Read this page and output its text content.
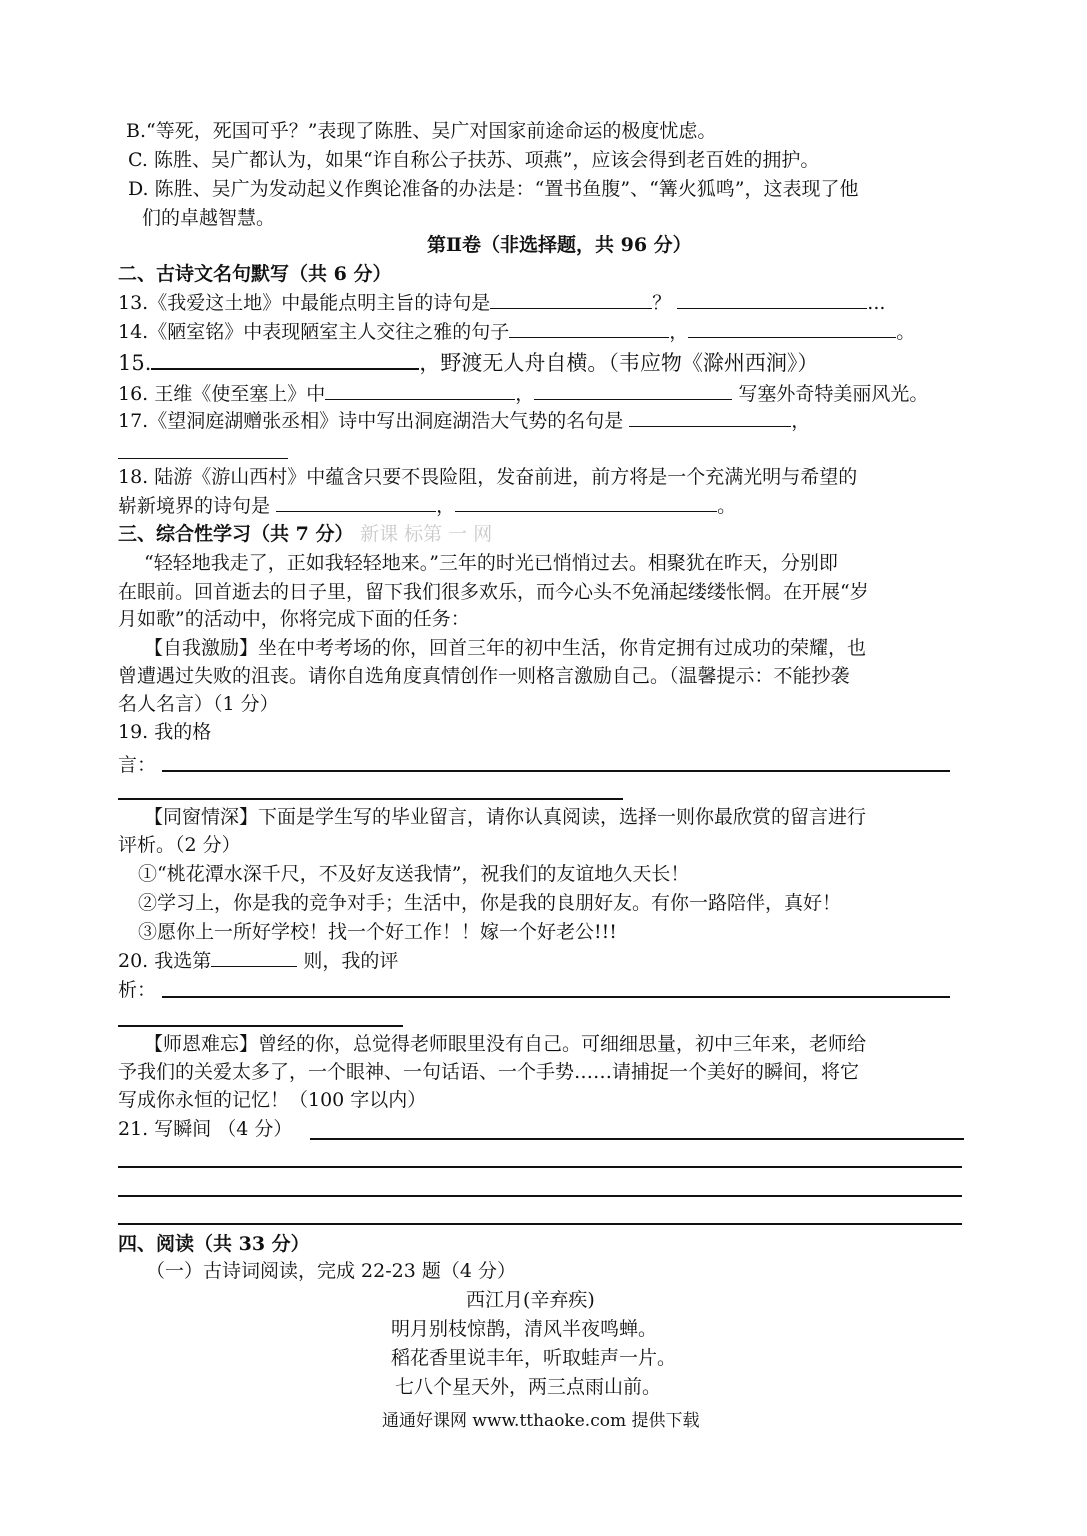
B.“等死，死国可乎？”表现了陈胜、吴广对国家前途命运的极度忧虑。
C. 陈胜、吴广都认为，如果“诈自称公子扶苏、项燕”，应该会得到老百姓的拥护。
D. 陈胜、吴广为发动起义作舆论准备的办法是：“置书鱼腹”、“篝火狐鸣”，这表现了他
们的卓越智慧。
第Ⅱ卷（非选择题，共 96 分）
二、古诗文名句默写（共 6 分）
13.《我爱这土地》中最能点明主旨的诗句是	？	...
14.《陋室铭》中表现陋室主人交往之雅的句子	，	。
15.	，野渡无人舟自横。（韦应物《滁州西涧》）
16. 王维《使至塞上》中	，	写塞外奇特美丽风光。
17.《望洞庭湖赠张丞相》诗中写出洞庭湖浩大气势的名句是	，
18. 陆游《游山西村》中蕴含只要不畏险阻，发奋前进，前方将是一个充满光明与希望的
崭新境界的诗句是	，	。
三、综合性学习（共 7 分） 新课 标第 一 网
“轻轻地我走了，正如我轻轻地来。”三年的时光已悄悄过去。相聚犹在昨天，分别即
在眼前。回首逝去的日子里，留下我们很多欢乐，而今心头不免涌起缕缕怅惘。在开展“岁
月如歌”的活动中，你将完成下面的任务：
【自我激励】坐在中考考场的你，回首三年的初中生活，你肯定拥有过成功的荣耀，也
曾遭遇过失败的沮丧。请你自选角度真情创作一则格言激励自己。（温馨提示：不能抄袭
名人名言）（1 分）
19. 我的格
言：
【同窗情深】下面是学生写的毕业留言，请你认真阅读，选择一则你最欣赏的留言进行
评析。（2 分）
①“桃花潭水深千尺，不及好友送我情”，祝我们的友谊地久天长！
②学习上，你是我的竞争对手；生活中，你是我的良朋好友。有你一路陪伴，真好！
③愿你上一所好学校！找一个好工作！！嫁一个好老公!!!
20. 我选第	则，我的评
析：
【师恩难忘】曾经的你，总觉得老师眼里没有自己。可细细思量，初中三年来，老师给
予我们的关爱太多了，一个眼神、一句话语、一个手势……请捕捉一个美好的瞬间，将它
写成你永恒的记忆！（100 字以内）
21. 写瞬间 （4 分）
四、阅读（共 33 分）
（一）古诗词阅读，完成 22-23 题（4 分）
西江月(辛弃疾)
明月别枝惊鹊，清风半夜鸣蝉。
稻花香里说丰年，听取蛙声一片。
七八个星天外，两三点雨山前。
通通好课网 www.tthaoke.com 提供下载
